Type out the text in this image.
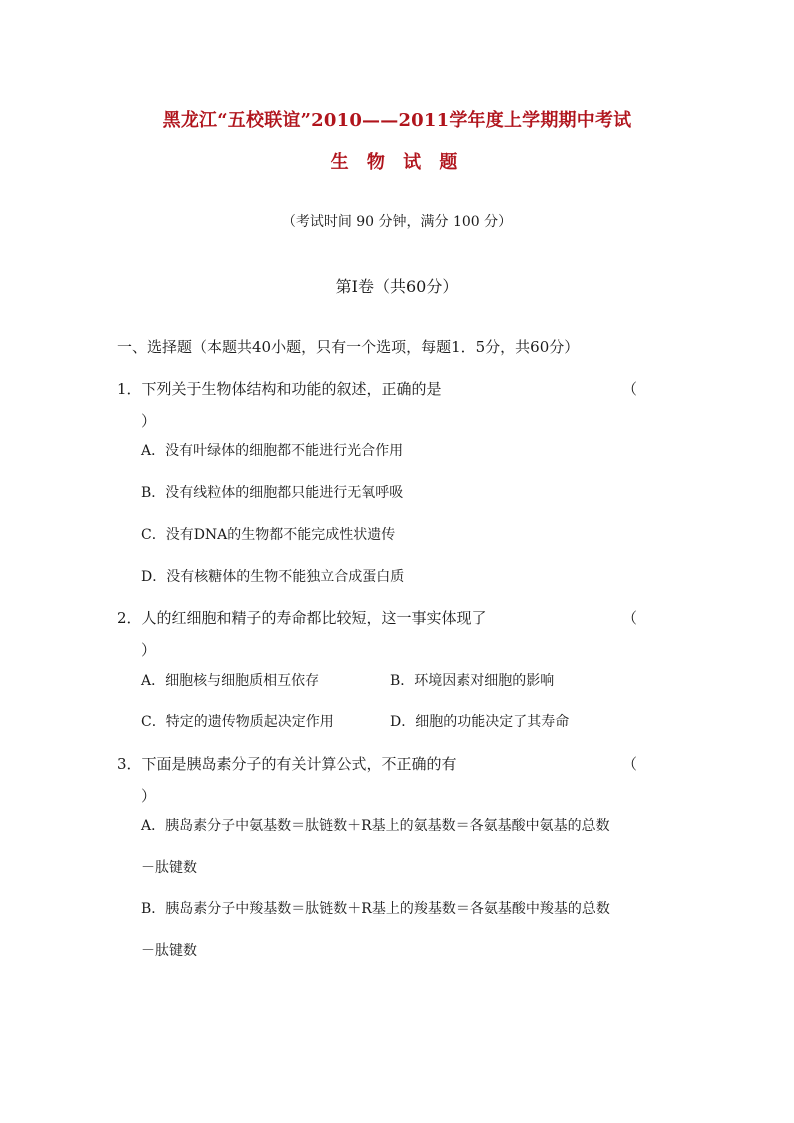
黑龙江“五校联谊”2010——2011学年度上学期期中考试
生 物 试 题
（考试时间 90 分钟，满分 100 分）
第Ⅰ卷（共60分）
一、选择题（本题共40小题，只有一个选项，每题1．5分，共60分）
1．下列关于生物体结构和功能的叙述，正确的是	（
）
A．没有叶绿体的细胞都不能进行光合作用
B．没有线粒体的细胞都只能进行无氧呼吸
C．没有DNA的生物都不能完成性状遗传
D．没有核糖体的生物不能独立合成蛋白质
2．人的红细胞和精子的寿命都比较短，这一事实体现了	（
）
A．细胞核与细胞质相互依存	B．环境因素对细胞的影响
C．特定的遗传物质起决定作用	D．细胞的功能决定了其寿命
3．下面是胰岛素分子的有关计算公式，不正确的有	（
）
A．胰岛素分子中氨基数＝肽链数＋R基上的氨基数＝各氨基酸中氨基的总数
－肽键数
B．胰岛素分子中羧基数＝肽链数＋R基上的羧基数＝各氨基酸中羧基的总数
－肽键数
